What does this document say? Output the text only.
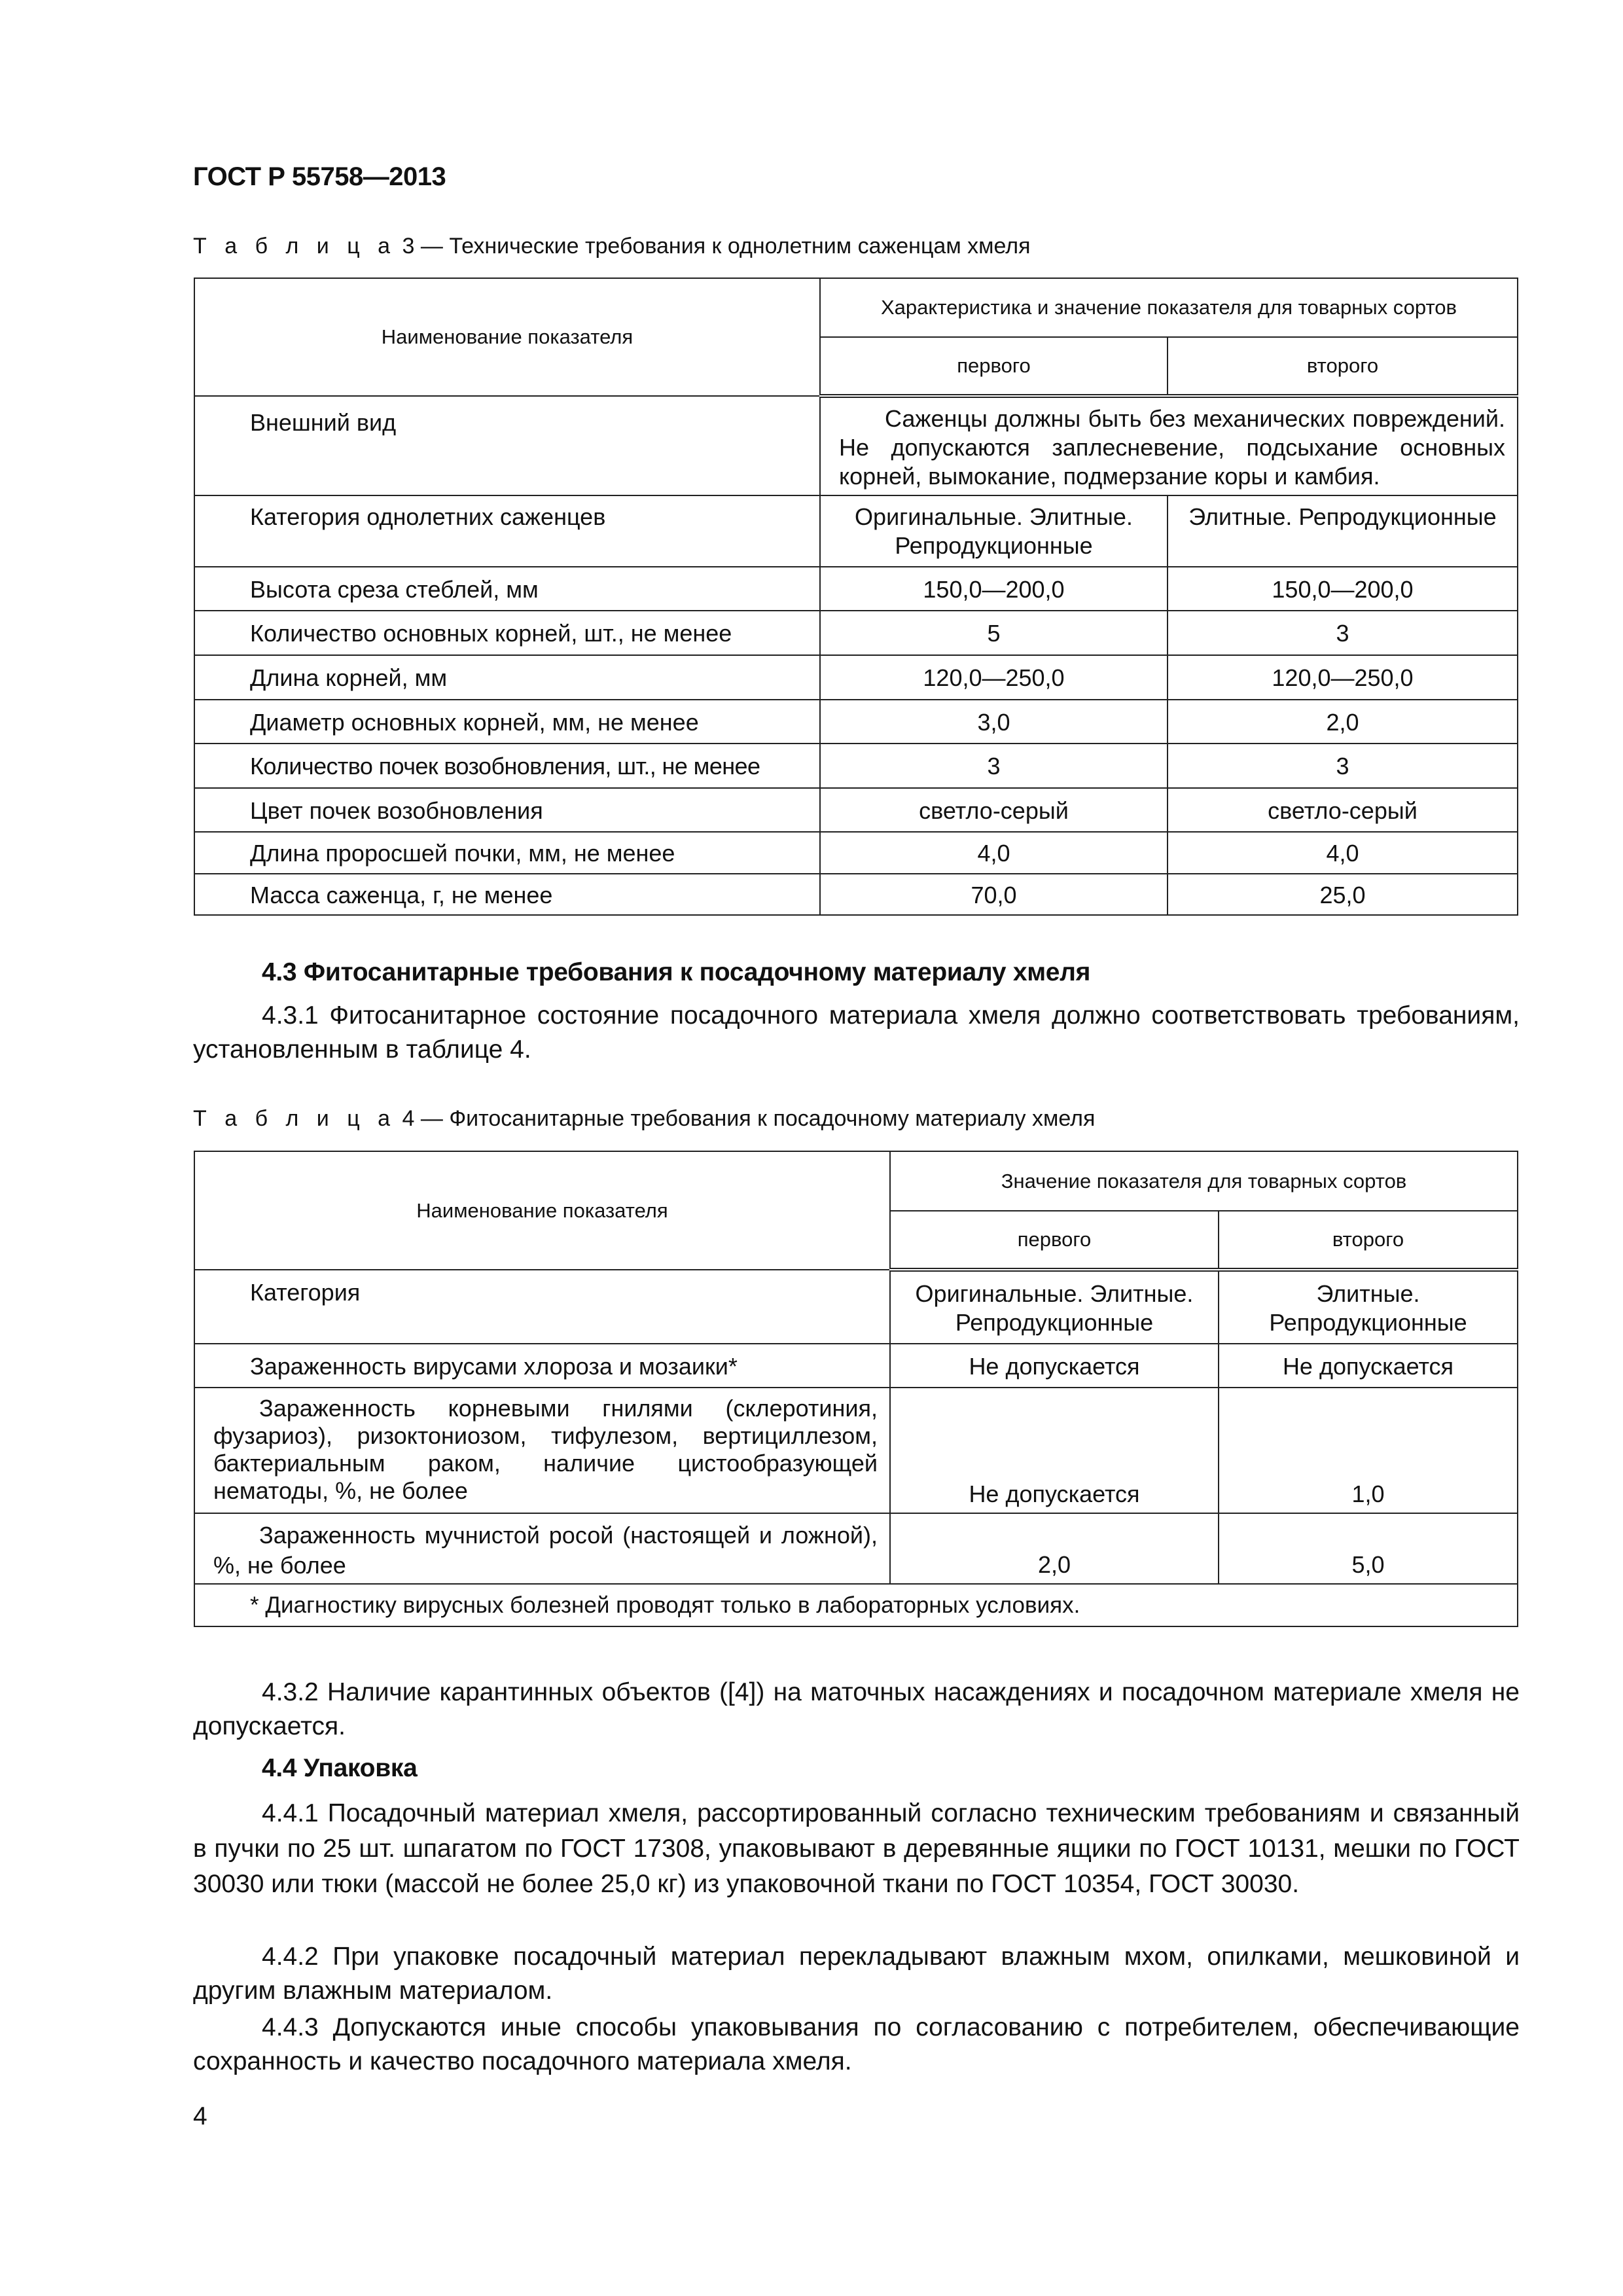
ГОСТ Р 55758—2013
Т а б л и ц а 3 — Технические требования к однолетним саженцам хмеля
Наименование показателя	Характеристика и значение показателя для товарных сортов	
	первого	второго
Внешний вид	Саженцы должны быть без механических повреждений. Не допускаются заплесневение, подсыхание основных корней, вымокание, подмерзание коры и камбия.	
Категория однолетних саженцев	Оригинальные. Элитные. Репродукционные	Элитные. Репродукционные
Высота среза стеблей, мм	150,0—200,0	150,0—200,0
Количество основных корней, шт., не менее	5	3
Длина корней, мм	120,0—250,0	120,0—250,0
Диаметр основных корней, мм, не менее	3,0	2,0
Количество почек возобновления, шт., не менее	3	3
Цвет почек возобновления	светло-серый	светло-серый
Длина проросшей почки, мм, не менее	4,0	4,0
Масса саженца, г, не менее	70,0	25,0
4.3 Фитосанитарные требования к посадочному материалу хмеля
4.3.1 Фитосанитарное состояние посадочного материала хмеля должно соответствовать требованиям, установленным в таблице 4.
Т а б л и ц а 4 — Фитосанитарные требования к посадочному материалу хмеля
Наименование показателя	Значение показателя для товарных сортов	
	первого	второго
Категория	Оригинальные. Элитные. Репродукционные	Элитные. Репродукционные
Зараженность вирусами хлороза и мозаики*	Не допускается	Не допускается
Зараженность корневыми гнилями (склеротиния, фузариоз), ризоктониозом, тифулезом, вертициллезом, бактериальным раком, наличие цистообразующей нематоды, %, не более	Не допускается	1,0
Зараженность мучнистой росой (настоящей и ложной), %, не более	2,0	5,0
* Диагностику вирусных болезней проводят только в лабораторных условиях.		
4.3.2 Наличие карантинных объектов ([4]) на маточных насаждениях и посадочном материале хмеля не допускается.
4.4 Упаковка
4.4.1 Посадочный материал хмеля, рассортированный согласно техническим требованиям и связанный в пучки по 25 шт. шпагатом по ГОСТ 17308, упаковывают в деревянные ящики по ГОСТ 10131, мешки по ГОСТ 30030 или тюки (массой не более 25,0 кг) из упаковочной ткани по ГОСТ 10354, ГОСТ 30030.
4.4.2 При упаковке посадочный материал перекладывают влажным мхом, опилками, мешковиной и другим влажным материалом.
4.4.3 Допускаются иные способы упаковывания по согласованию с потребителем, обеспечивающие сохранность и качество посадочного материала хмеля.
4
